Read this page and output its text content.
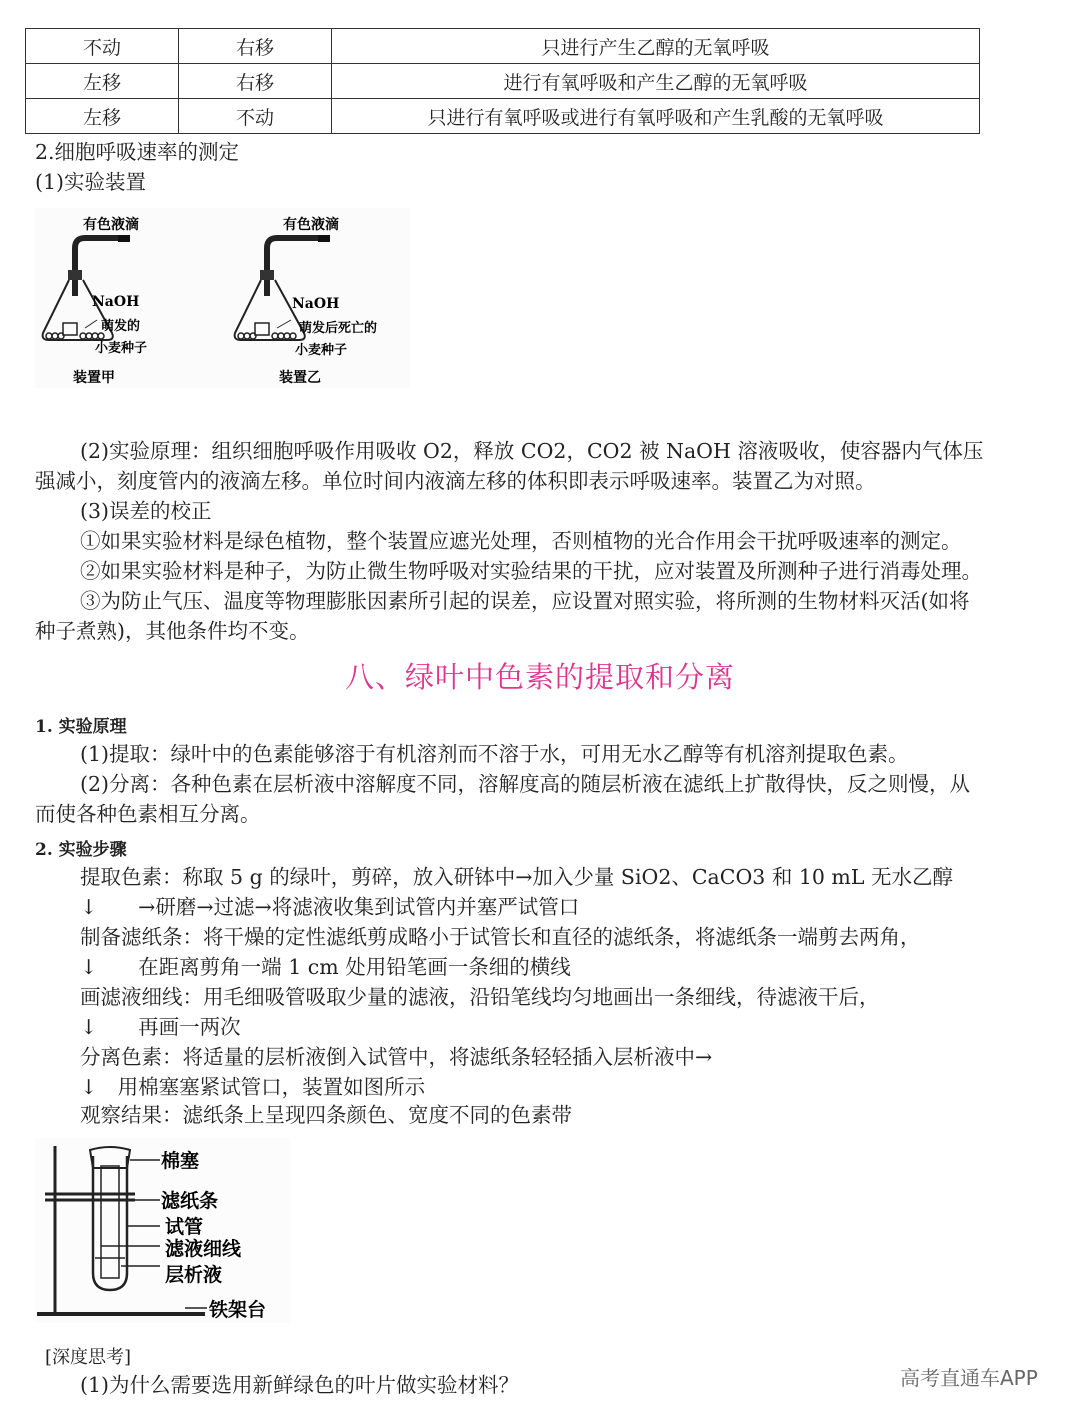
不动	右移	只进行产生乙醇的无氧呼吸
左移	右移	进行有氧呼吸和产生乙醇的无氧呼吸
左移	不动	只进行有氧呼吸或进行有氧呼吸和产生乳酸的无氧呼吸
2.细胞呼吸速率的测定
(1)实验装置
有色液滴
NaOH
萌发的
小麦种子
装置甲
有色液滴
NaOH
萌发后死亡的
小麦种子
装置乙
(2)实验原理：组织细胞呼吸作用吸收 O2，释放 CO2，CO2 被 NaOH 溶液吸收，使容器内气体压
强减小，刻度管内的液滴左移。单位时间内液滴左移的体积即表示呼吸速率。装置乙为对照。
(3)误差的校正
①如果实验材料是绿色植物，整个装置应遮光处理，否则植物的光合作用会干扰呼吸速率的测定。
②如果实验材料是种子，为防止微生物呼吸对实验结果的干扰，应对装置及所测种子进行消毒处理。
③为防止气压、温度等物理膨胀因素所引起的误差，应设置对照实验，将所测的生物材料灭活(如将
种子煮熟)，其他条件均不变。
八、绿叶中色素的提取和分离
1. 实验原理
(1)提取：绿叶中的色素能够溶于有机溶剂而不溶于水，可用无水乙醇等有机溶剂提取色素。
(2)分离：各种色素在层析液中溶解度不同，溶解度高的随层析液在滤纸上扩散得快，反之则慢，从
而使各种色素相互分离。
2. 实验步骤
提取色素：称取 5 g 的绿叶，剪碎，放入研钵中→加入少量 SiO2、CaCO3 和 10 mL 无水乙醇
↓　　→研磨→过滤→将滤液收集到试管内并塞严试管口
制备滤纸条：将干燥的定性滤纸剪成略小于试管长和直径的滤纸条，将滤纸条一端剪去两角，
↓　　在距离剪角一端 1 cm 处用铅笔画一条细的横线
画滤液细线：用毛细吸管吸取少量的滤液，沿铅笔线均匀地画出一条细线，待滤液干后，
↓　　再画一两次
分离色素：将适量的层析液倒入试管中，将滤纸条轻轻插入层析液中→
↓　用棉塞塞紧试管口，装置如图所示
观察结果：滤纸条上呈现四条颜色、宽度不同的色素带
棉塞
滤纸条
试管
滤液细线
层析液
铁架台
[深度思考]
(1)为什么需要选用新鲜绿色的叶片做实验材料？	高考直通车APP
